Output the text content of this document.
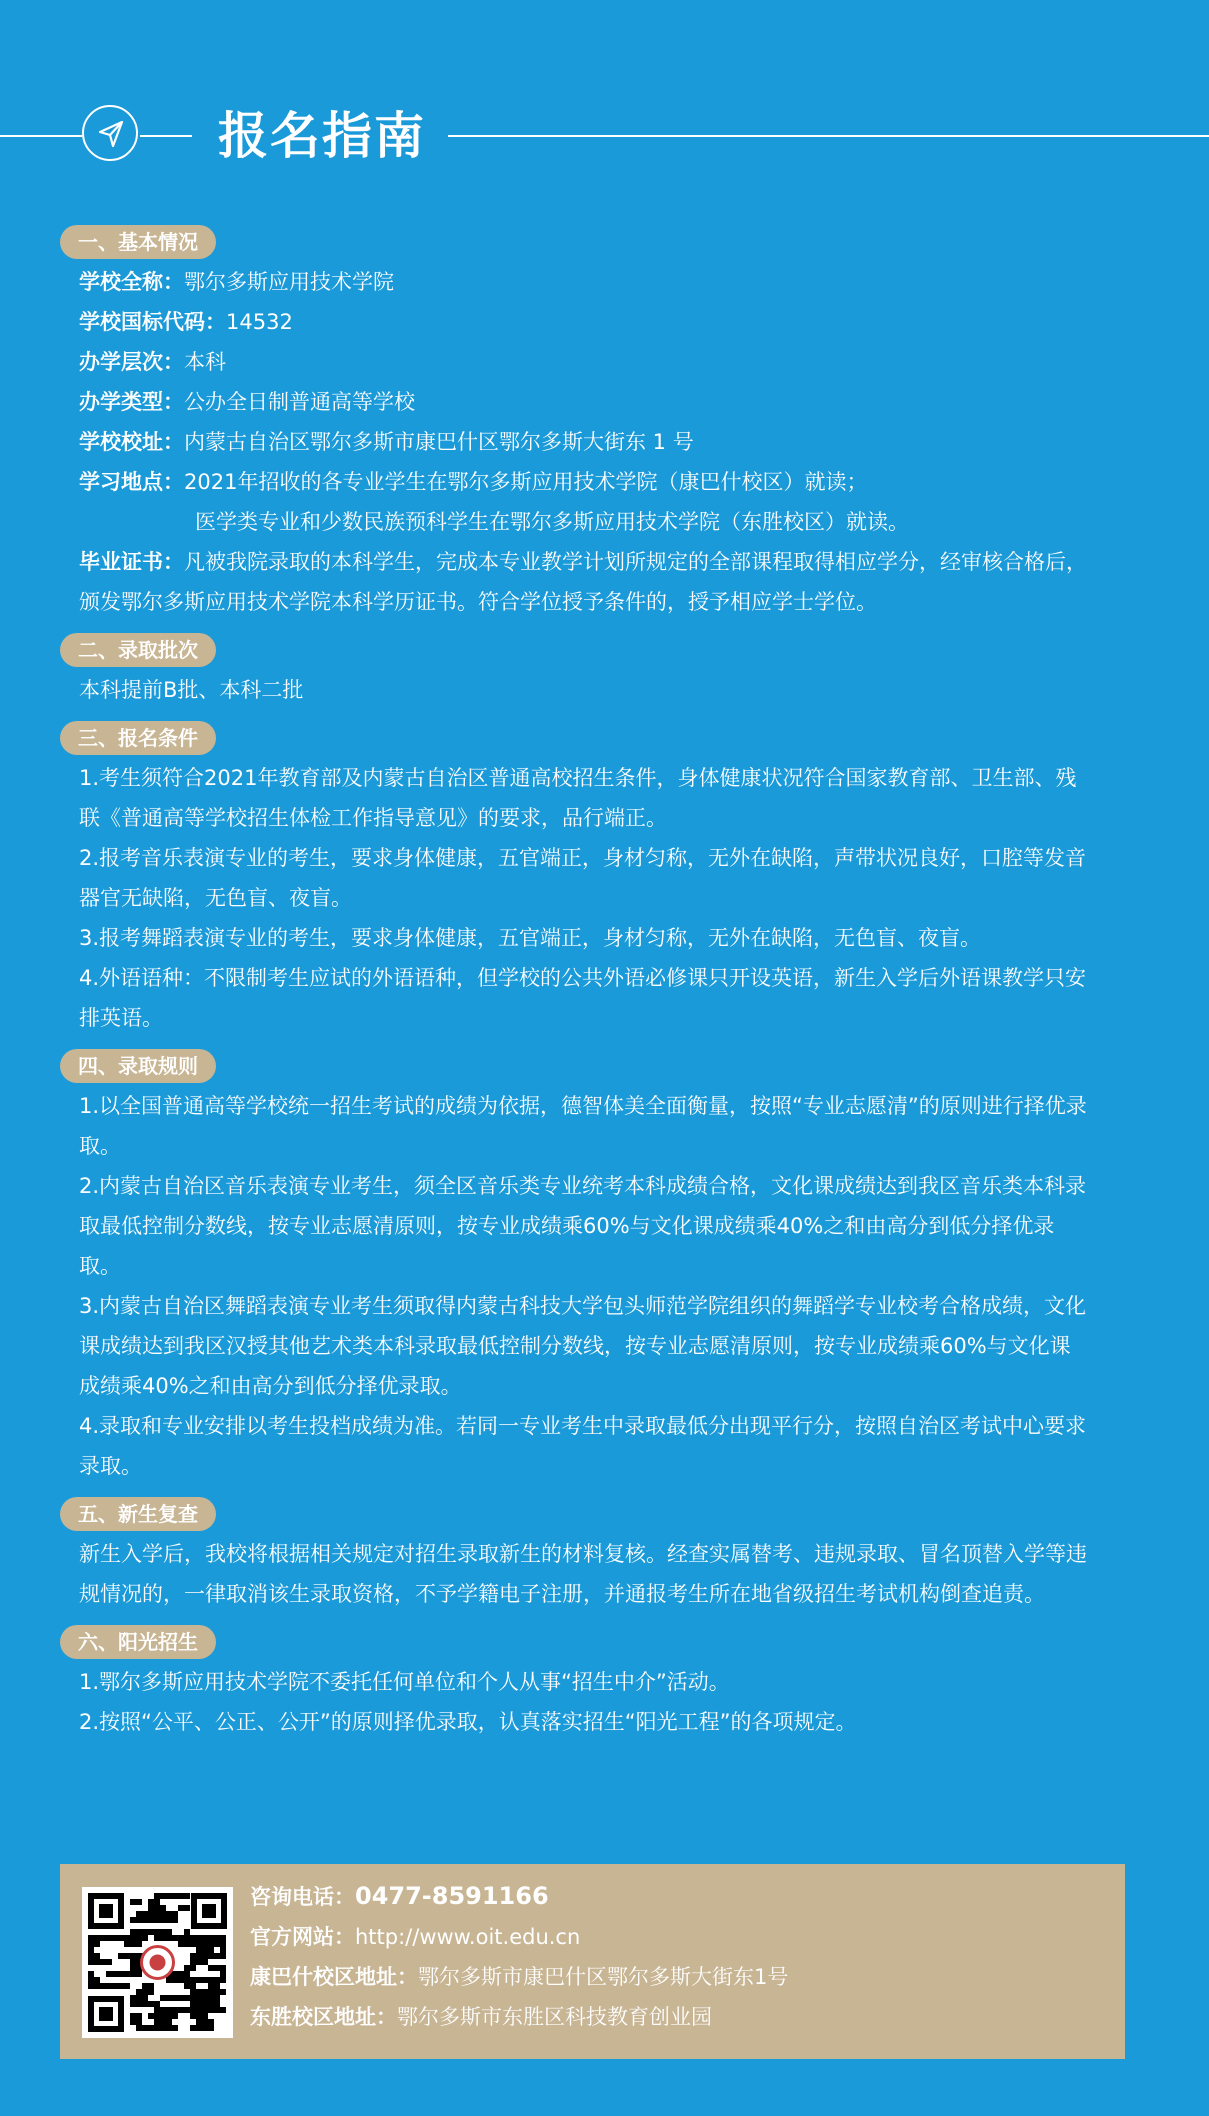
报名指南
一、基本情况
学校全称：鄂尔多斯应用技术学院
学校国标代码：14532
办学层次：本科
办学类型：公办全日制普通高等学校
学校校址：内蒙古自治区鄂尔多斯市康巴什区鄂尔多斯大街东 1 号
学习地点：2021年招收的各专业学生在鄂尔多斯应用技术学院（康巴什校区）就读；
医学类专业和少数民族预科学生在鄂尔多斯应用技术学院（东胜校区）就读。
毕业证书：凡被我院录取的本科学生，完成本专业教学计划所规定的全部课程取得相应学分，经审核合格后，颁发鄂尔多斯应用技术学院本科学历证书。符合学位授予条件的，授予相应学士学位。
二、录取批次
本科提前B批、本科二批
三、报名条件
1.考生须符合2021年教育部及内蒙古自治区普通高校招生条件，身体健康状况符合国家教育部、卫生部、残联《普通高等学校招生体检工作指导意见》的要求，品行端正。
2.报考音乐表演专业的考生，要求身体健康，五官端正，身材匀称，无外在缺陷，声带状况良好，口腔等发音器官无缺陷，无色盲、夜盲。
3.报考舞蹈表演专业的考生，要求身体健康，五官端正，身材匀称，无外在缺陷，无色盲、夜盲。
4.外语语种：不限制考生应试的外语语种，但学校的公共外语必修课只开设英语，新生入学后外语课教学只安排英语。
四、录取规则
1.以全国普通高等学校统一招生考试的成绩为依据，德智体美全面衡量，按照“专业志愿清”的原则进行择优录取。
2.内蒙古自治区音乐表演专业考生，须全区音乐类专业统考本科成绩合格，文化课成绩达到我区音乐类本科录取最低控制分数线，按专业志愿清原则，按专业成绩乘60%与文化课成绩乘40%之和由高分到低分择优录取。
3.内蒙古自治区舞蹈表演专业考生须取得内蒙古科技大学包头师范学院组织的舞蹈学专业校考合格成绩，文化课成绩达到我区汉授其他艺术类本科录取最低控制分数线，按专业志愿清原则，按专业成绩乘60%与文化课成绩乘40%之和由高分到低分择优录取。
4.录取和专业安排以考生投档成绩为准。若同一专业考生中录取最低分出现平行分，按照自治区考试中心要求录取。
五、新生复查
新生入学后，我校将根据相关规定对招生录取新生的材料复核。经查实属替考、违规录取、冒名顶替入学等违规情况的，一律取消该生录取资格，不予学籍电子注册，并通报考生所在地省级招生考试机构倒查追责。
六、阳光招生
1.鄂尔多斯应用技术学院不委托任何单位和个人从事“招生中介”活动。
2.按照“公平、公正、公开”的原则择优录取，认真落实招生“阳光工程”的各项规定。
咨询电话：0477-8591166
官方网站：http://www.oit.edu.cn
康巴什校区地址：鄂尔多斯市康巴什区鄂尔多斯大街东1号
东胜校区地址：鄂尔多斯市东胜区科技教育创业园
